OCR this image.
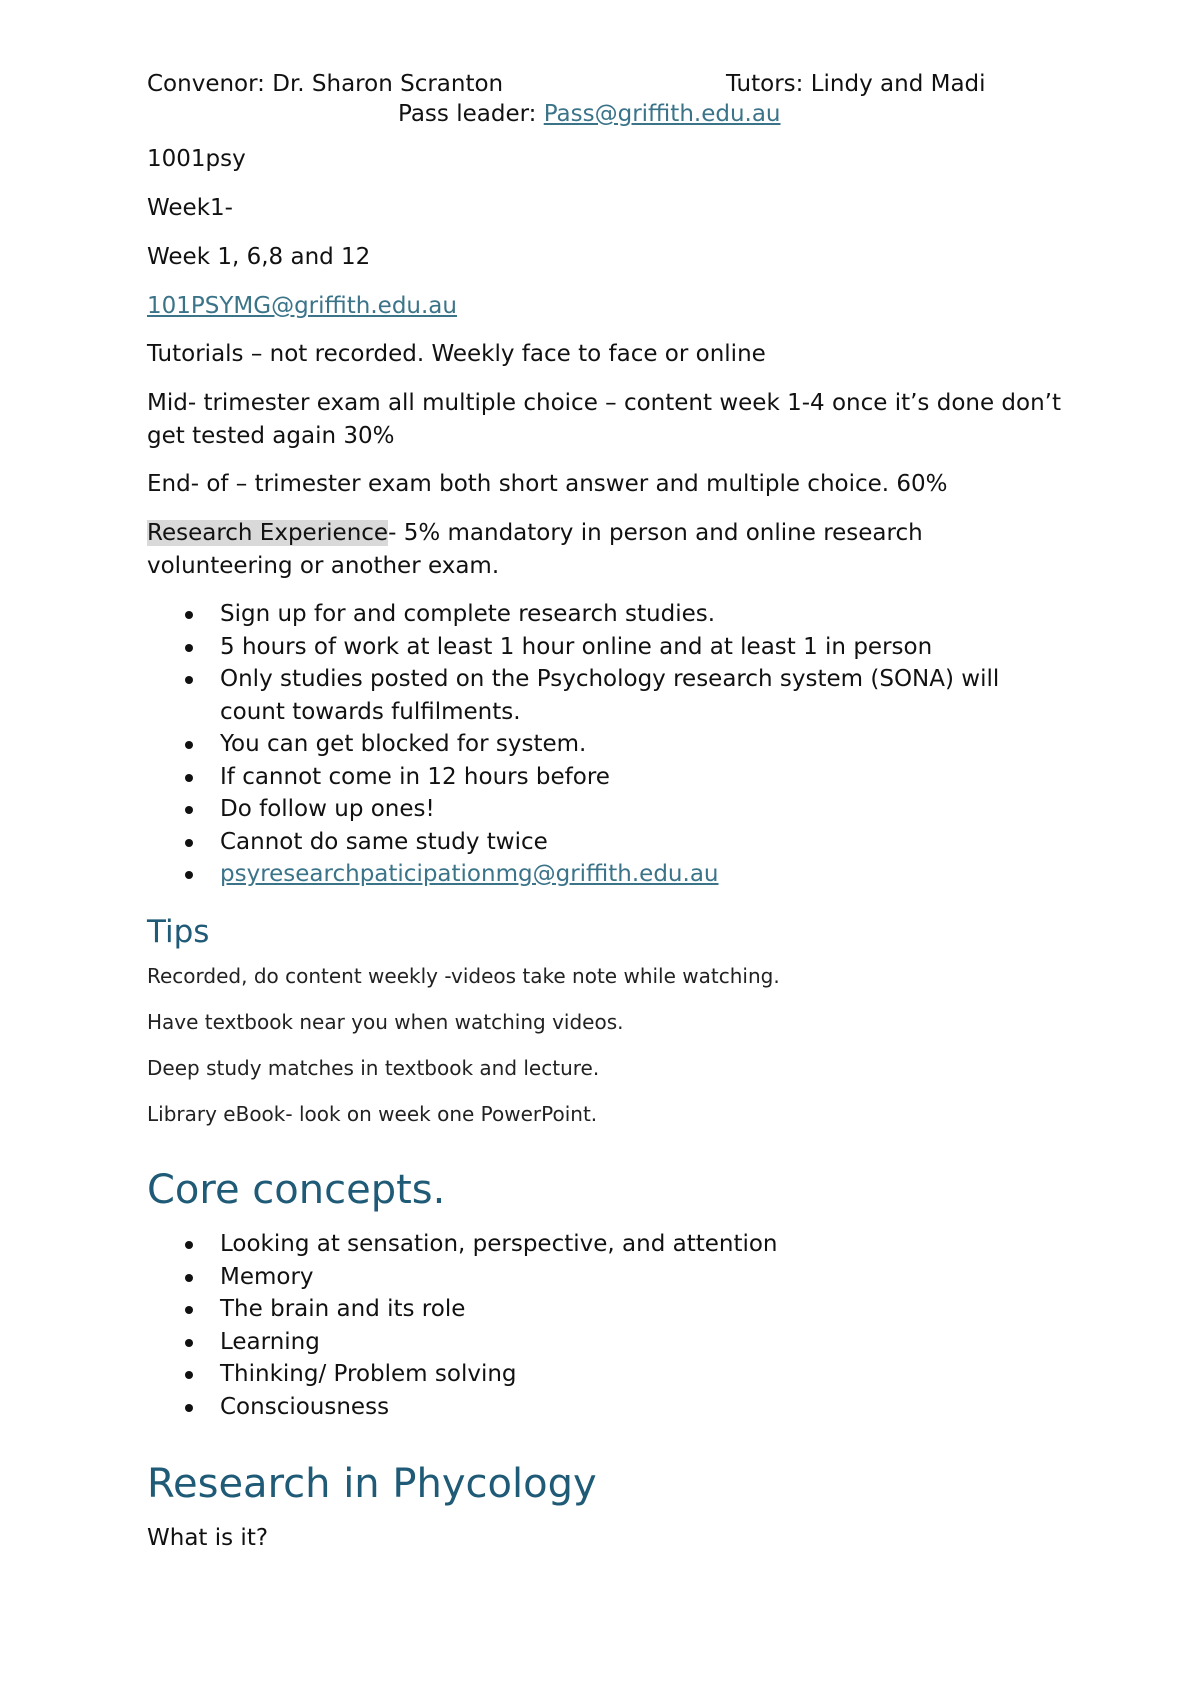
Convenor: Dr. Sharon Scranton	Tutors: Lindy and Madi
Pass leader: Pass@griffith.edu.au
1001psy
Week1-
Week 1, 6,8 and 12
101PSYMG@griffith.edu.au
Tutorials – not recorded. Weekly face to face or online
Mid- trimester exam all multiple choice – content week 1-4 once it’s done don’t get tested again 30%
End- of – trimester exam both short answer and multiple choice. 60%
Research Experience- 5% mandatory in person and online research volunteering or another exam.
Sign up for and complete research studies.
5 hours of work at least 1 hour online and at least 1 in person
Only studies posted on the Psychology research system (SONA) will count towards fulfilments.
You can get blocked for system.
If cannot come in 12 hours before
Do follow up ones!
Cannot do same study twice
psyresearchpaticipationmg@griffith.edu.au
Tips
Recorded, do content weekly -videos take note while watching.
Have textbook near you when watching videos.
Deep study matches in textbook and lecture.
Library eBook- look on week one PowerPoint.
Core concepts.
Looking at sensation, perspective, and attention
Memory
The brain and its role
Learning
Thinking/ Problem solving
Consciousness
Research in Phycology
What is it?
